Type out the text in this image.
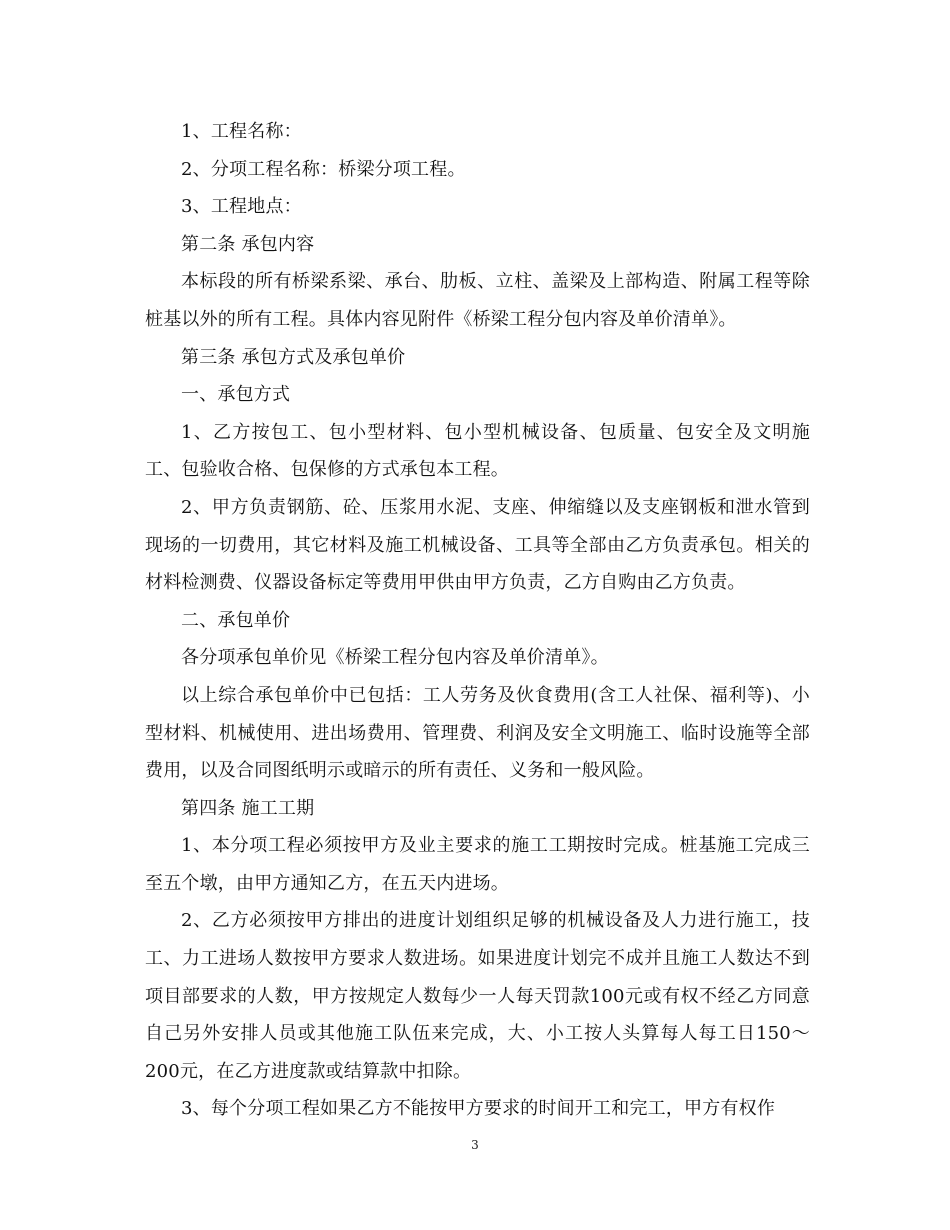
1、工程名称：

2、分项工程名称：桥梁分项工程。

3、工程地点：

第二条 承包内容

本标段的所有桥梁系梁、承台、肋板、立柱、盖梁及上部构造、附属工程等除桩基以外的所有工程。具体内容见附件《桥梁工程分包内容及单价清单》。

第三条 承包方式及承包单价

一、承包方式

1、乙方按包工、包小型材料、包小型机械设备、包质量、包安全及文明施工、包验收合格、包保修的方式承包本工程。

2、甲方负责钢筋、砼、压浆用水泥、支座、伸缩缝以及支座钢板和泄水管到现场的一切费用，其它材料及施工机械设备、工具等全部由乙方负责承包。相关的材料检测费、仪器设备标定等费用甲供由甲方负责，乙方自购由乙方负责。

二、承包单价

各分项承包单价见《桥梁工程分包内容及单价清单》。

以上综合承包单价中已包括：工人劳务及伙食费用(含工人社保、福利等)、小型材料、机械使用、进出场费用、管理费、利润及安全文明施工、临时设施等全部费用，以及合同图纸明示或暗示的所有责任、义务和一般风险。

第四条 施工工期

1、本分项工程必须按甲方及业主要求的施工工期按时完成。桩基施工完成三至五个墩，由甲方通知乙方，在五天内进场。

2、乙方必须按甲方排出的进度计划组织足够的机械设备及人力进行施工，技工、力工进场人数按甲方要求人数进场。如果进度计划完不成并且施工人数达不到项目部要求的人数，甲方按规定人数每少一人每天罚款100元或有权不经乙方同意自己另外安排人员或其他施工队伍来完成，大、小工按人头算每人每工日150～200元，在乙方进度款或结算款中扣除。

3、每个分项工程如果乙方不能按甲方要求的时间开工和完工，甲方有权作

3
